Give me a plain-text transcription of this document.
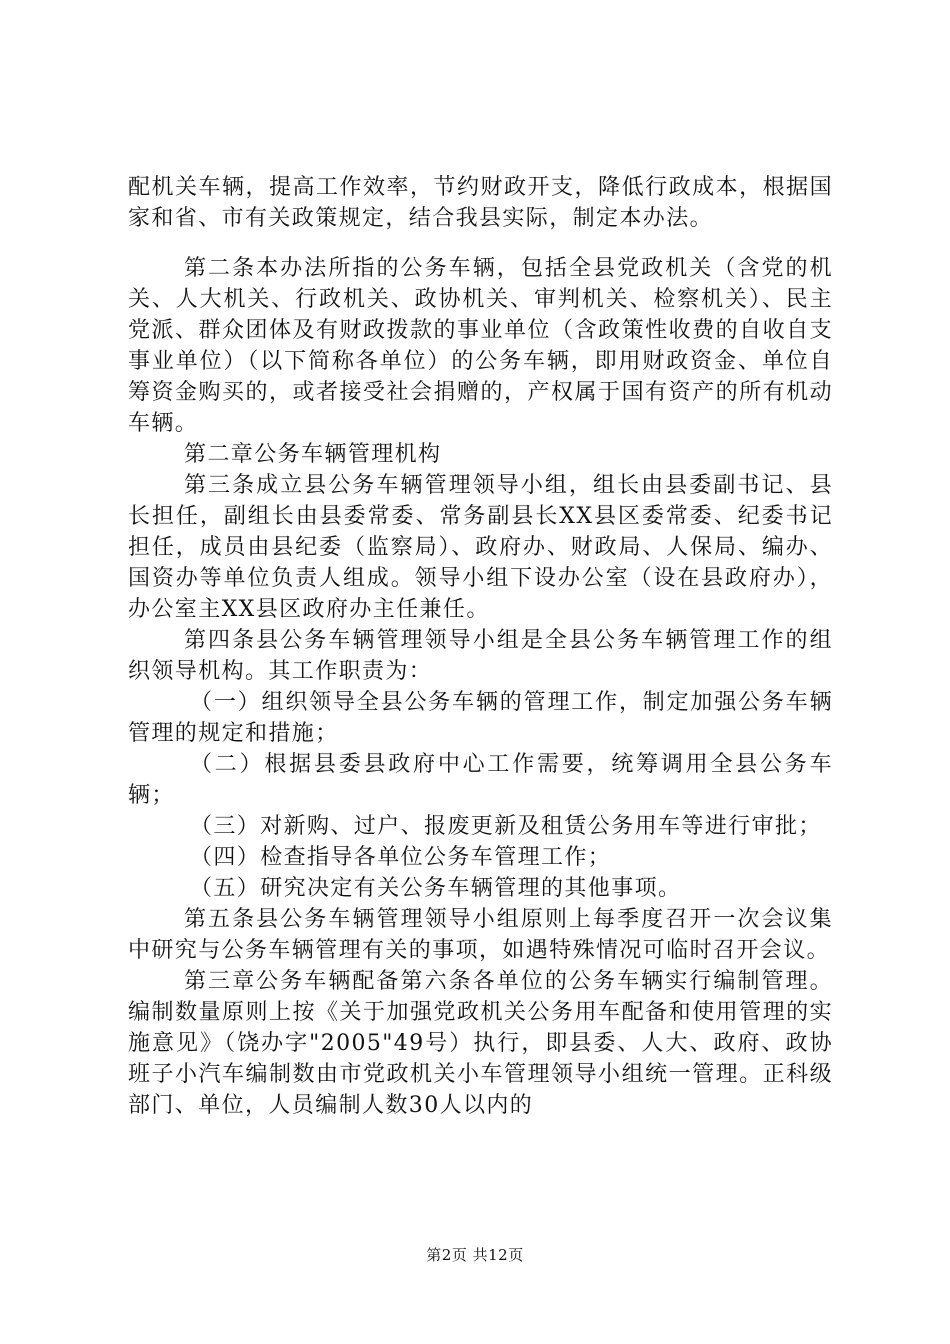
配机关车辆，提高工作效率，节约财政开支，降低行政成本，根据国家和省、市有关政策规定，结合我县实际，制定本办法。

第二条本办法所指的公务车辆，包括全县党政机关（含党的机关、人大机关、行政机关、政协机关、审判机关、检察机关）、民主党派、群众团体及有财政拨款的事业单位（含政策性收费的自收自支事业单位）（以下简称各单位）的公务车辆，即用财政资金、单位自筹资金购买的，或者接受社会捐赠的，产权属于国有资产的所有机动车辆。

第二章公务车辆管理机构

第三条成立县公务车辆管理领导小组，组长由县委副书记、县长担任，副组长由县委常委、常务副县长XX县区委常委、纪委书记担任，成员由县纪委（监察局）、政府办、财政局、人保局、编办、国资办等单位负责人组成。领导小组下设办公室（设在县政府办），办公室主XX县区政府办主任兼任。

第四条县公务车辆管理领导小组是全县公务车辆管理工作的组织领导机构。其工作职责为：

（一）组织领导全县公务车辆的管理工作，制定加强公务车辆管理的规定和措施；

（二）根据县委县政府中心工作需要，统筹调用全县公务车辆；

（三）对新购、过户、报废更新及租赁公务用车等进行审批；

（四）检查指导各单位公务车管理工作；

（五）研究决定有关公务车辆管理的其他事项。

第五条县公务车辆管理领导小组原则上每季度召开一次会议集中研究与公务车辆管理有关的事项，如遇特殊情况可临时召开会议。

第三章公务车辆配备第六条各单位的公务车辆实行编制管理。编制数量原则上按《关于加强党政机关公务用车配备和使用管理的实施意见》（饶办字"2005"49号）执行，即县委、人大、政府、政协班子小汽车编制数由市党政机关小车管理领导小组统一管理。正科级部门、单位，人员编制人数30人以内的

第2页 共12页
